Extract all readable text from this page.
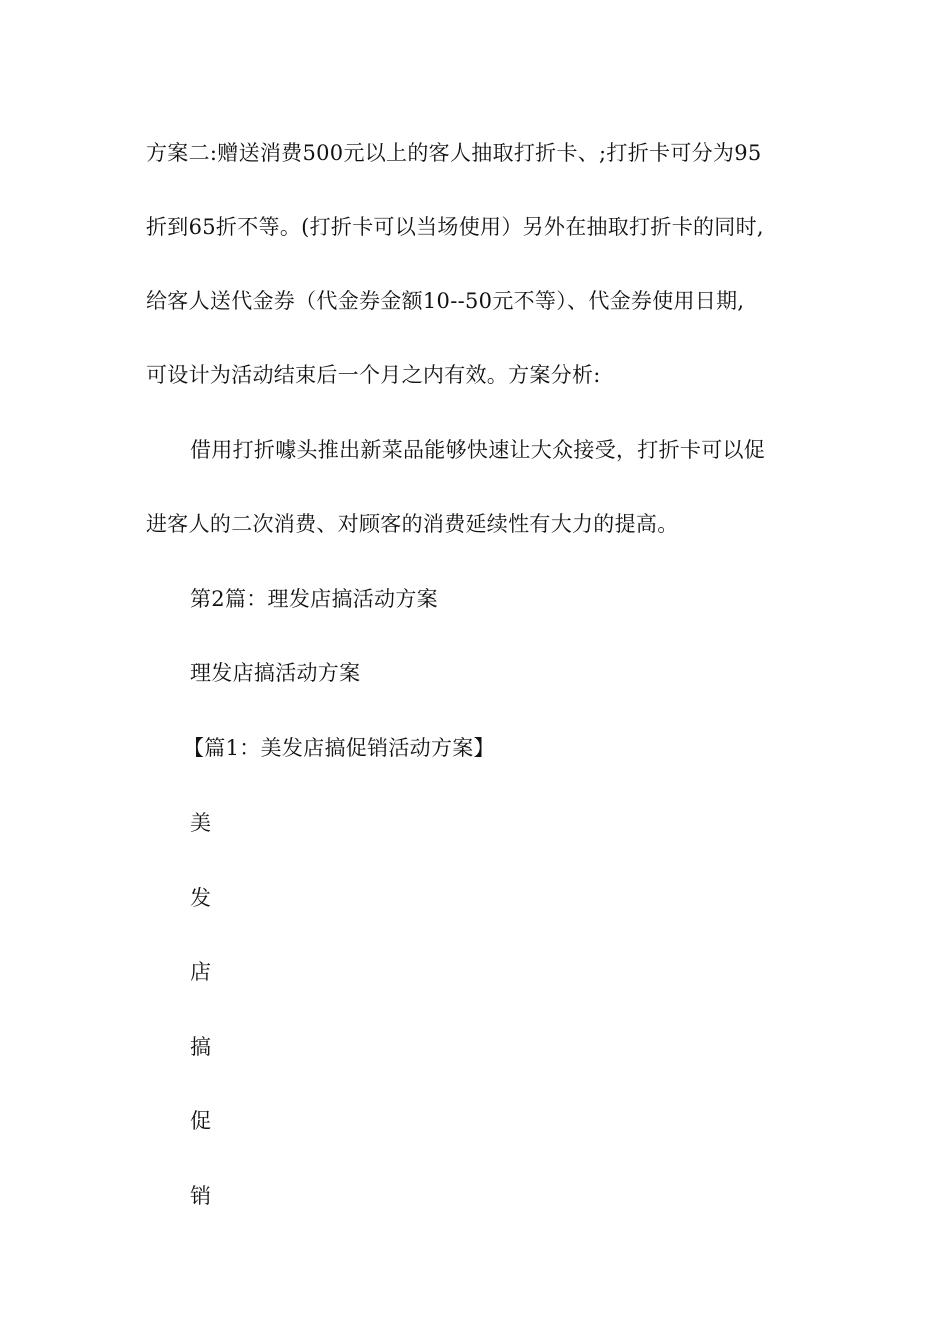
方案二:赠送消费500元以上的客人抽取打折卡、;打折卡可分为95
折到65折不等。(打折卡可以当场使用）另外在抽取打折卡的同时,
给客人送代金券（代金券金额10--50元不等）、代金券使用日期,
可设计为活动结束后一个月之内有效。方案分析:
借用打折噱头推出新菜品能够快速让大众接受，打折卡可以促
进客人的二次消费、对顾客的消费延续性有大力的提高。
第2篇：理发店搞活动方案
理发店搞活动方案
【篇1：美发店搞促销活动方案】
美
发
店
搞
促
销
